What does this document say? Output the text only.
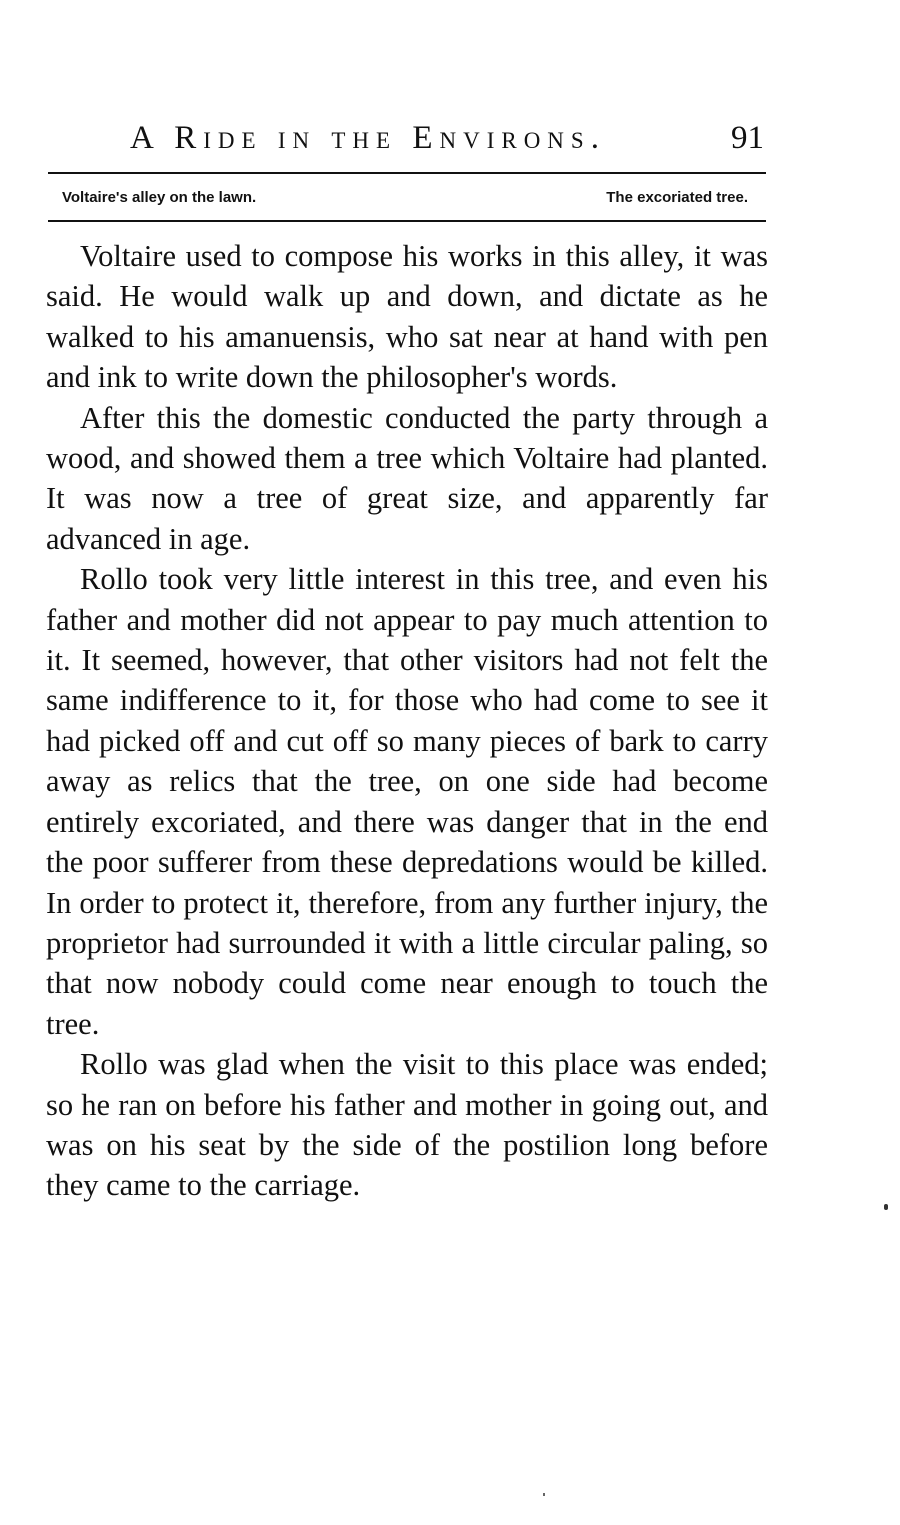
A Ride in the Environs.	91
Voltaire's alley on the lawn.	The excoriated tree.

Voltaire used to compose his works in this alley, it was said. He would walk up and down, and dictate as he walked to his amanuensis, who sat near at hand with pen and ink to write down the philosopher's words.

After this the domestic conducted the party through a wood, and showed them a tree which Voltaire had planted. It was now a tree of great size, and apparently far advanced in age.

Rollo took very little interest in this tree, and even his father and mother did not appear to pay much attention to it. It seemed, however, that other visitors had not felt the same indifference to it, for those who had come to see it had picked off and cut off so many pieces of bark to carry away as relics that the tree, on one side had become entirely excoriated, and there was danger that in the end the poor sufferer from these depredations would be killed. In order to protect it, therefore, from any further injury, the proprietor had surrounded it with a little circular paling, so that now nobody could come near enough to touch the tree.

Rollo was glad when the visit to this place was ended; so he ran on before his father and mother in going out, and was on his seat by the side of the postilion long before they came to the carriage.
